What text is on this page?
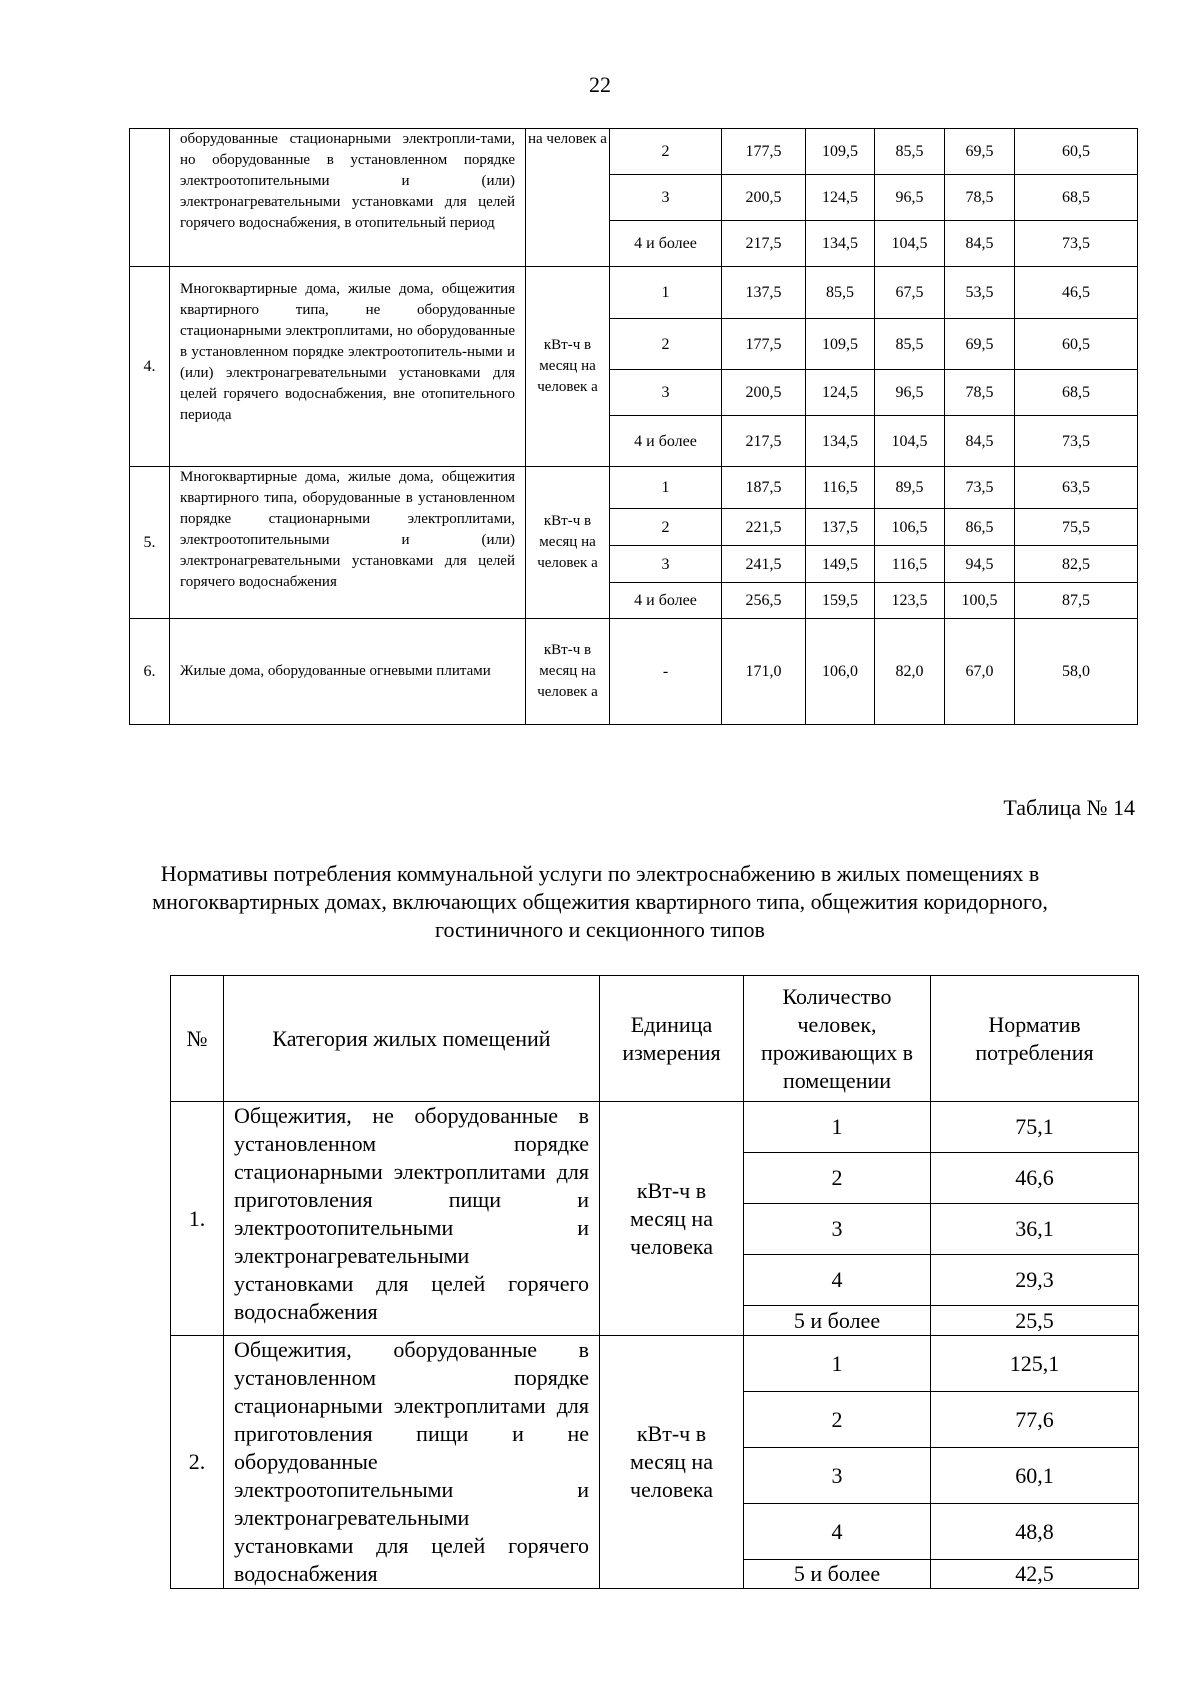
22
	оборудованные стационарными электропли-тами, но оборудованные в установленном порядке электроотопительными и (или) электронагревательными установками для целей горячего водоснабжения, в отопительный период	на человек а	2	177,5	109,5	85,5	69,5	60,5
			3	200,5	124,5	96,5	78,5	68,5
			4 и более	217,5	134,5	104,5	84,5	73,5
4.	Многоквартирные дома, жилые дома, общежития квартирного типа, не оборудованные стационарными электроплитами, но оборудованные в установленном порядке электроотопитель-ными и (или) электронагревательными установками для целей горячего водоснабжения, вне отопительного периода	кВт-ч в месяц на человек а	1	137,5	85,5	67,5	53,5	46,5
			2	177,5	109,5	85,5	69,5	60,5
			3	200,5	124,5	96,5	78,5	68,5
			4 и более	217,5	134,5	104,5	84,5	73,5
5.	Многоквартирные дома, жилые дома, общежития квартирного типа, оборудованные в установленном порядке стационарными электроплитами, электроотопительными и (или) электронагревательными установками для целей горячего водоснабжения	кВт-ч в месяц на человек а	1	187,5	116,5	89,5	73,5	63,5
			2	221,5	137,5	106,5	86,5	75,5
			3	241,5	149,5	116,5	94,5	82,5
			4 и более	256,5	159,5	123,5	100,5	87,5
6.	Жилые дома, оборудованные огневыми плитами	кВт-ч в месяц на человек а	-	171,0	106,0	82,0	67,0	58,0
Таблица № 14
Нормативы потребления коммунальной услуги по электроснабжению в жилых помещениях в многоквартирных домах, включающих общежития квартирного типа, общежития коридорного, гостиничного и секционного типов
№	Категория жилых помещений	Единица измерения	Количество человек, проживающих в помещении	Норматив потребления
1.	Общежития, не оборудованные в установленном порядке стационарными электроплитами для приготовления пищи и электроотопительными и электронагревательными установками для целей горячего водоснабжения	кВт-ч в месяц на человека	1	75,1
			2	46,6
			3	36,1
			4	29,3
			5 и более	25,5
2.	Общежития, оборудованные в установленном порядке стационарными электроплитами для приготовления пищи и не оборудованные электроотопительными и электронагревательными установками для целей горячего водоснабжения	кВт-ч в месяц на человека	1	125,1
			2	77,6
			3	60,1
			4	48,8
			5 и более	42,5
